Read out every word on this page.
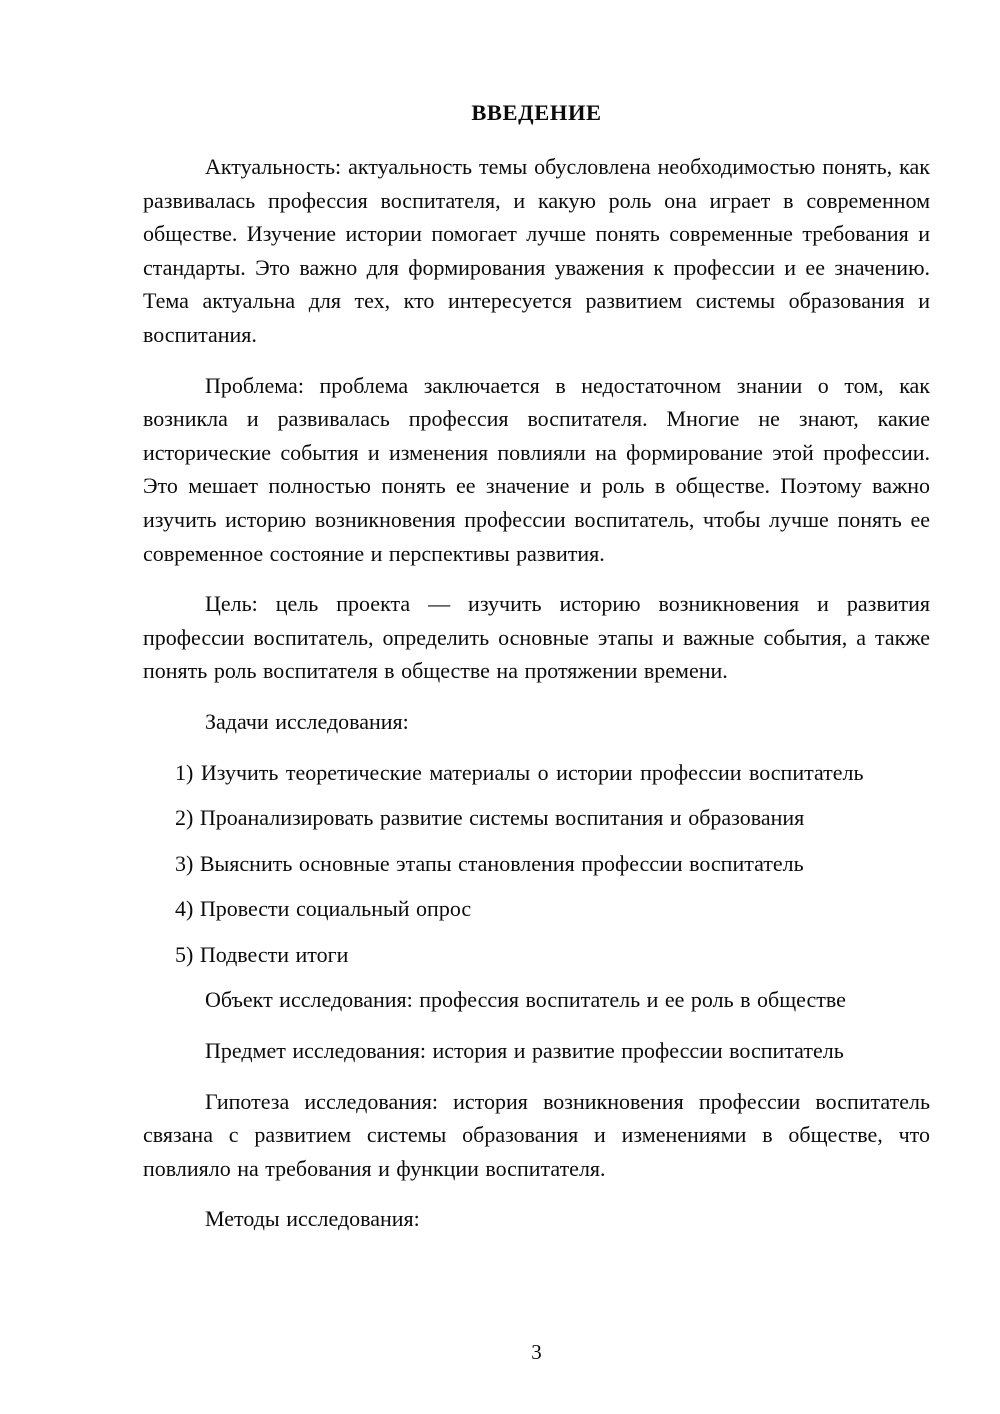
ВВЕДЕНИЕ

Актуальность: актуальность темы обусловлена необходимостью понять, как развивалась профессия воспитателя, и какую роль она играет в современном обществе. Изучение истории помогает лучше понять современные требования и стандарты. Это важно для формирования уважения к профессии и ее значению. Тема актуальна для тех, кто интересуется развитием системы образования и воспитания.

Проблема: проблема заключается в недостаточном знании о том, как возникла и развивалась профессия воспитателя. Многие не знают, какие исторические события и изменения повлияли на формирование этой профессии. Это мешает полностью понять ее значение и роль в обществе. Поэтому важно изучить историю возникновения профессии воспитатель, чтобы лучше понять ее современное состояние и перспективы развития.

Цель: цель проекта — изучить историю возникновения и развития профессии воспитатель, определить основные этапы и важные события, а также понять роль воспитателя в обществе на протяжении времени.

Задачи исследования:

1) Изучить теоретические материалы о истории профессии воспитатель

2) Проанализировать развитие системы воспитания и образования

3) Выяснить основные этапы становления профессии воспитатель

4) Провести социальный опрос

5) Подвести итоги

Объект исследования: профессия воспитатель и ее роль в обществе

Предмет исследования: история и развитие профессии воспитатель

Гипотеза исследования: история возникновения профессии воспитатель связана с развитием системы образования и изменениями в обществе, что повлияло на требования и функции воспитателя.

Методы исследования:

3
